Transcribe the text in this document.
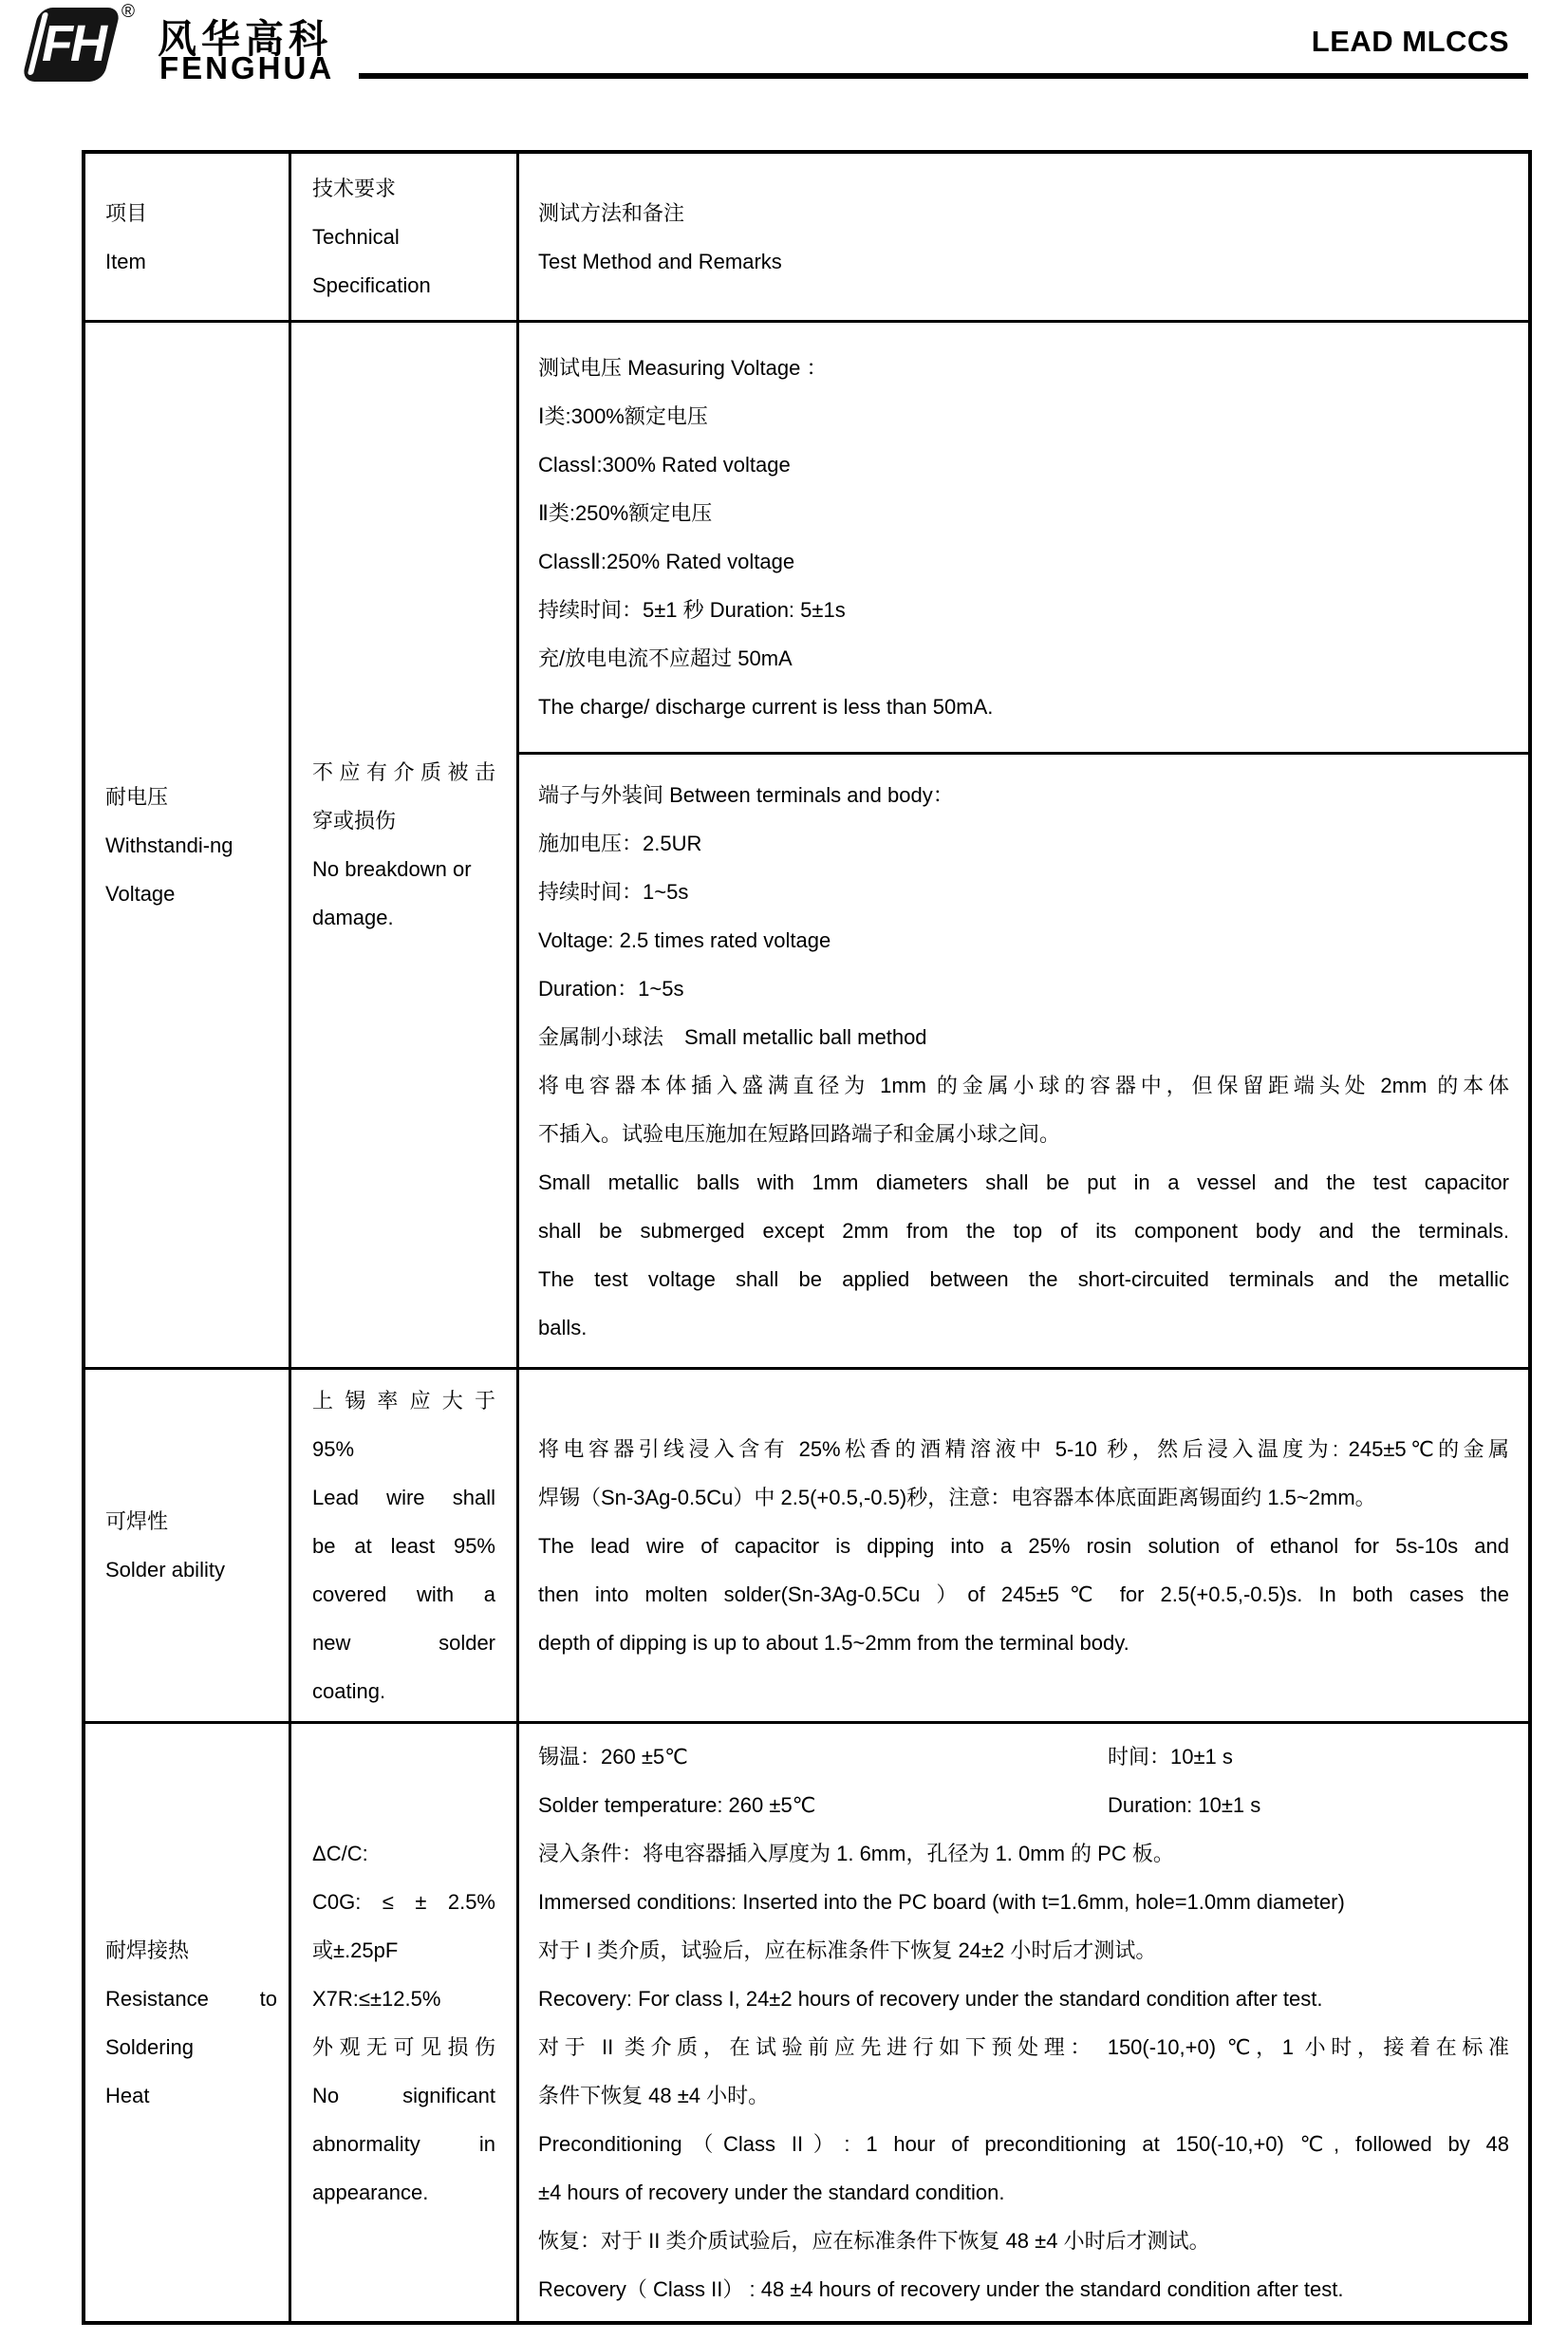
FH
®
风华高科
FENGHUA
LEAD MLCCS
项目
Item
技术要求
Technical
Specification
测试方法和备注
Test Method and Remarks
耐电压
Withstandi-ng
Voltage
不应有介质被击
穿或损伤
No breakdown or
damage.
测试电压 Measuring Voltage ：
Ⅰ类:300%额定电压
ClassⅠ:300% Rated voltage
Ⅱ类:250%额定电压
ClassⅡ:250% Rated voltage
持续时间：5±1 秒 Duration: 5±1s
充/放电电流不应超过 50mA
The charge/ discharge current is less than 50mA.
端子与外装间 Between terminals and body：
施加电压：2.5UR
持续时间：1~5s
Voltage: 2.5 times rated voltage
Duration：1~5s
金属制小球法　Small metallic ball method
将电容器本体插入盛满直径为 1mm 的金属小球的容器中，但保留距端头处 2mm 的本体
不插入。试验电压施加在短路回路端子和金属小球之间。
Small metallic balls with 1mm diameters shall be put in a vessel and the test capacitor
shall be submerged except 2mm from the top of its component body and the terminals.
The test voltage shall be applied between the short-circuited terminals and the metallic
balls.
可焊性
Solder ability
上锡率应大于
95%
Lead wire shall
be at least 95%
covered with a
new solder
coating.
将电容器引线浸入含有 25%松香的酒精溶液中 5-10 秒，然后浸入温度为: 245±5℃的金属
焊锡（Sn-3Ag-0.5Cu）中 2.5(+0.5,-0.5)秒，注意：电容器本体底面距离锡面约 1.5~2mm。
The lead wire of capacitor is dipping into a 25% rosin solution of ethanol for 5s-10s and
then into molten solder(Sn-3Ag-0.5Cu ）of 245±5℃ for 2.5(+0.5,-0.5)s. In both cases the
depth of dipping is up to about 1.5~2mm from the terminal body.
耐焊接热
Resistance to
Soldering
Heat
ΔC/C:
C0G: ≤ ± 2.5%
或±.25pF
X7R:≤±12.5%
外观无可见损伤
No significant
abnormality in
appearance.
锡温：260 ±5℃	时间：10±1 s
Solder temperature: 260 ±5℃	Duration: 10±1 s
浸入条件：将电容器插入厚度为 1. 6mm，孔径为 1. 0mm 的 PC 板。
Immersed conditions: Inserted into the PC board (with t=1.6mm, hole=1.0mm diameter)
对于 I 类介质，试验后，应在标准条件下恢复 24±2 小时后才测试。
Recovery: For class I, 24±2 hours of recovery under the standard condition after test.
对于 II 类介质，在试验前应先进行如下预处理： 150(-10,+0) ℃，1 小时，接着在标准
条件下恢复 48 ±4 小时。
Preconditioning（Class II）: 1 hour of preconditioning at 150(-10,+0) ℃, followed by 48
±4 hours of recovery under the standard condition.
恢复：对于 II 类介质试验后，应在标准条件下恢复 48 ±4 小时后才测试。
Recovery（ Class II） : 48 ±4 hours of recovery under the standard condition after test.
